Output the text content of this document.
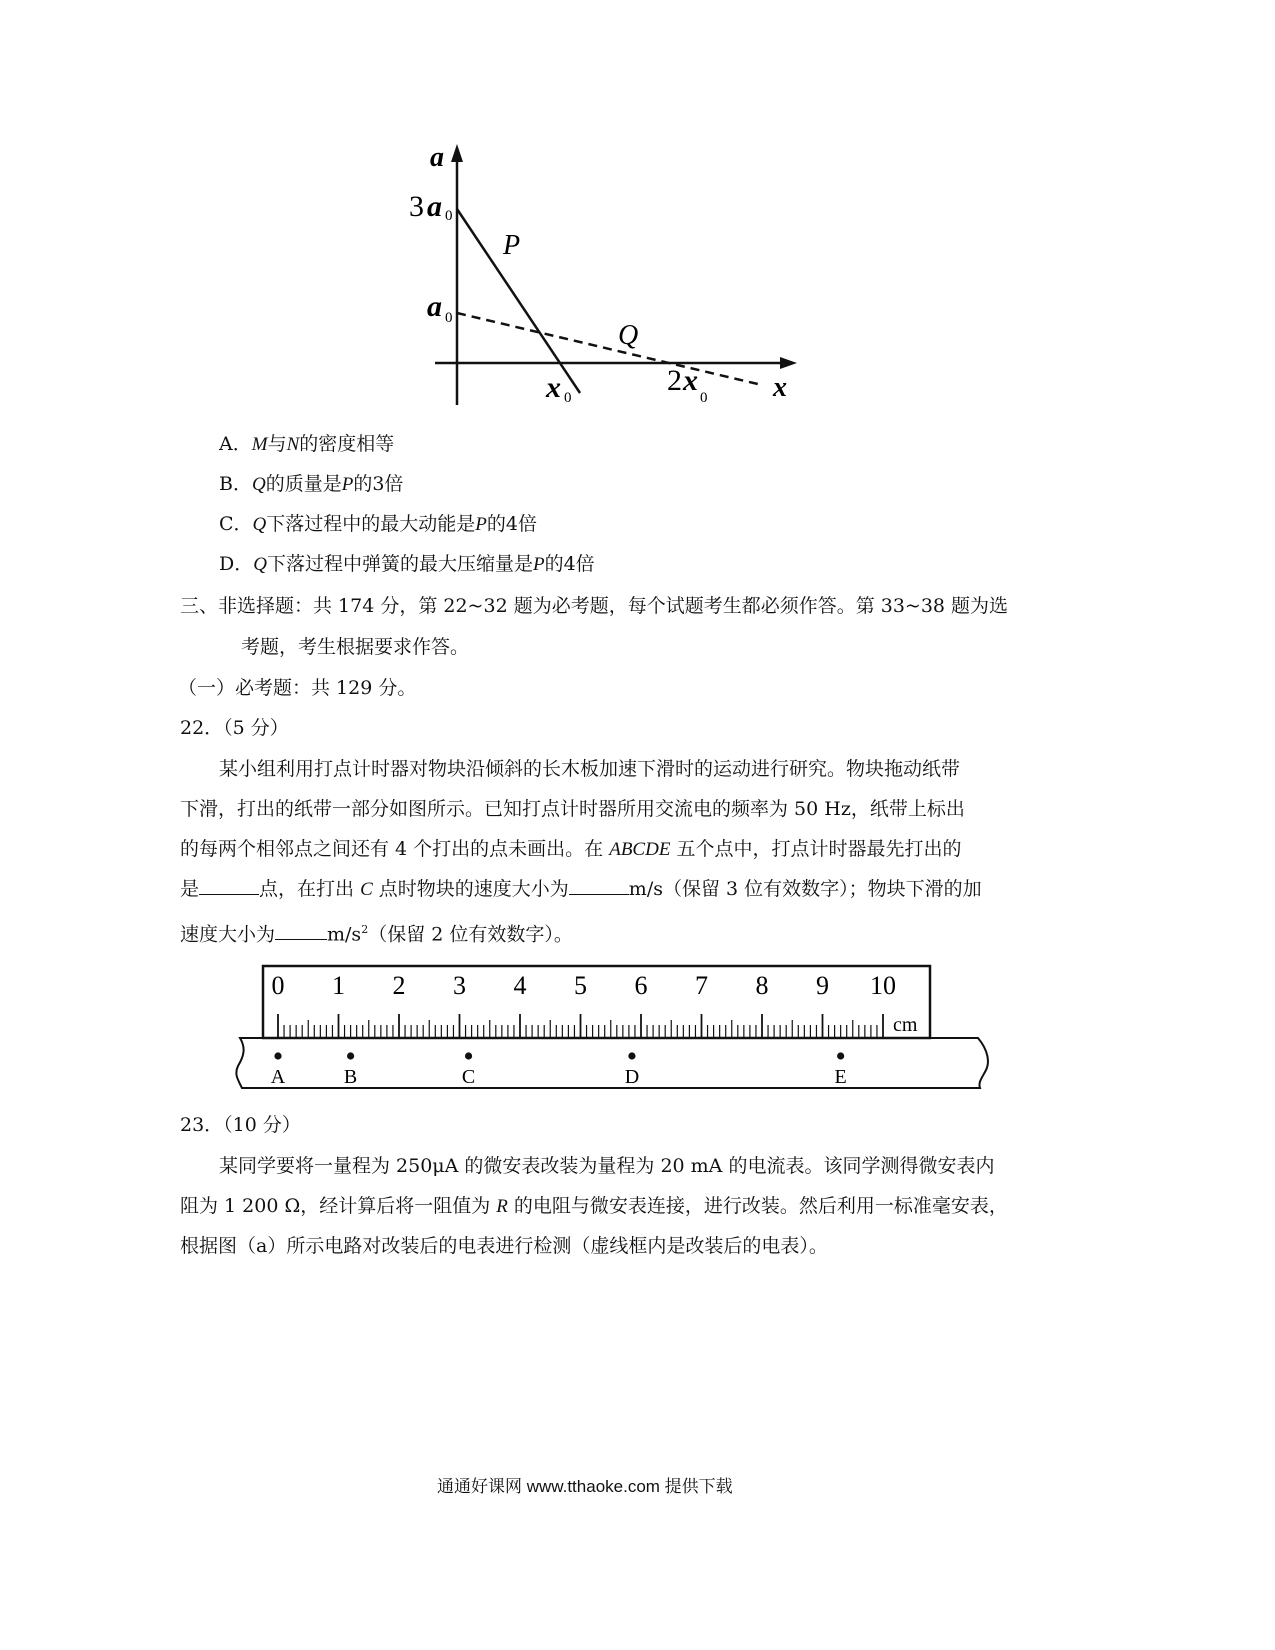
a
x
3 a 0
a 0
x 0
2 x
0
P
Q
A．M与N的密度相等
B．Q的质量是P的3倍
C．Q下落过程中的最大动能是P的4倍
D．Q下落过程中弹簧的最大压缩量是P的4倍
三、非选择题：共 174 分，第 22~32 题为必考题，每个试题考生都必须作答。第 33~38 题为选
考题，考生根据要求作答。
（一）必考题：共 129 分。
22．（5 分）
某小组利用打点计时器对物块沿倾斜的长木板加速下滑时的运动进行研究。物块拖动纸带
下滑，打出的纸带一部分如图所示。已知打点计时器所用交流电的频率为 50 Hz，纸带上标出
的每两个相邻点之间还有 4 个打出的点未画出。在 ABCDE 五个点中，打点计时器最先打出的
是	点，在打出 C 点时物块的速度大小为	m/s（保留 3 位有效数字）；物块下滑的加
速度大小为	$m/s^2$（保留 2 位有效数字）。
0 1 2 3 4 5 6 7 8 9 10
cm
A	B	C	D	E
23．（10 分）
某同学要将一量程为 250μA 的微安表改装为量程为 20 mA 的电流表。该同学测得微安表内
阻为 1 200 Ω，经计算后将一阻值为 R 的电阻与微安表连接，进行改装。然后利用一标准毫安表，
根据图（a）所示电路对改装后的电表进行检测（虚线框内是改装后的电表）。
通通好课网 www.tthaoke.com 提供下载
